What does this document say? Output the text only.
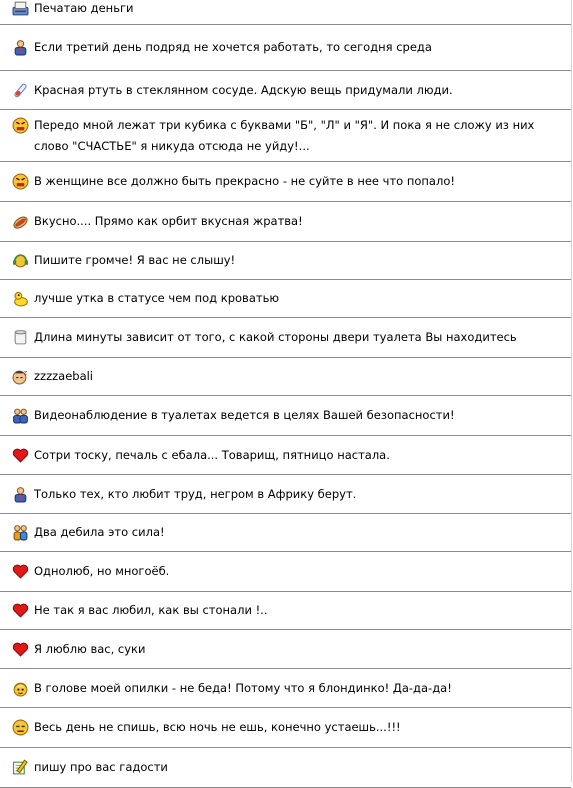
Печатаю деньги
Если третий день подряд не хочется работать, то сегодня среда
Красная ртуть в стеклянном сосуде. Адскую вещь придумали люди.
Передо мной лежат три кубика с буквами "Б", "Л" и "Я". И пока я не сложу из них слово "СЧАСТЬЕ" я никуда отсюда не уйду!...
В женщине все должно быть прекрасно - не суйте в нее что попало!
Вкусно.... Прямо как орбит вкусная жратва!
Пишите громче! Я вас не слышу!
лучше утка в статусе чем под кроватью
Длина минуты зависит от того, с какой стороны двери туалета Вы находитесь
z zzzzaebali
Видеонаблюдение в туалетах ведется в целях Вашей безопасности!
Сотри тоску, печаль с ебала... Товарищ, пятницо настала.
Только тех, кто любит труд, негром в Африку берут.
Два дебила это сила!
Однолюб, но многоёб.
Не так я вас любил, как вы стонали !..
Я люблю вас, суки
В голове моей опилки - не беда! Потому что я блондинко! Да-да-да!
Весь день не спишь, всю ночь не ешь, конечно устаешь...!!!
пишу про вас гадости
